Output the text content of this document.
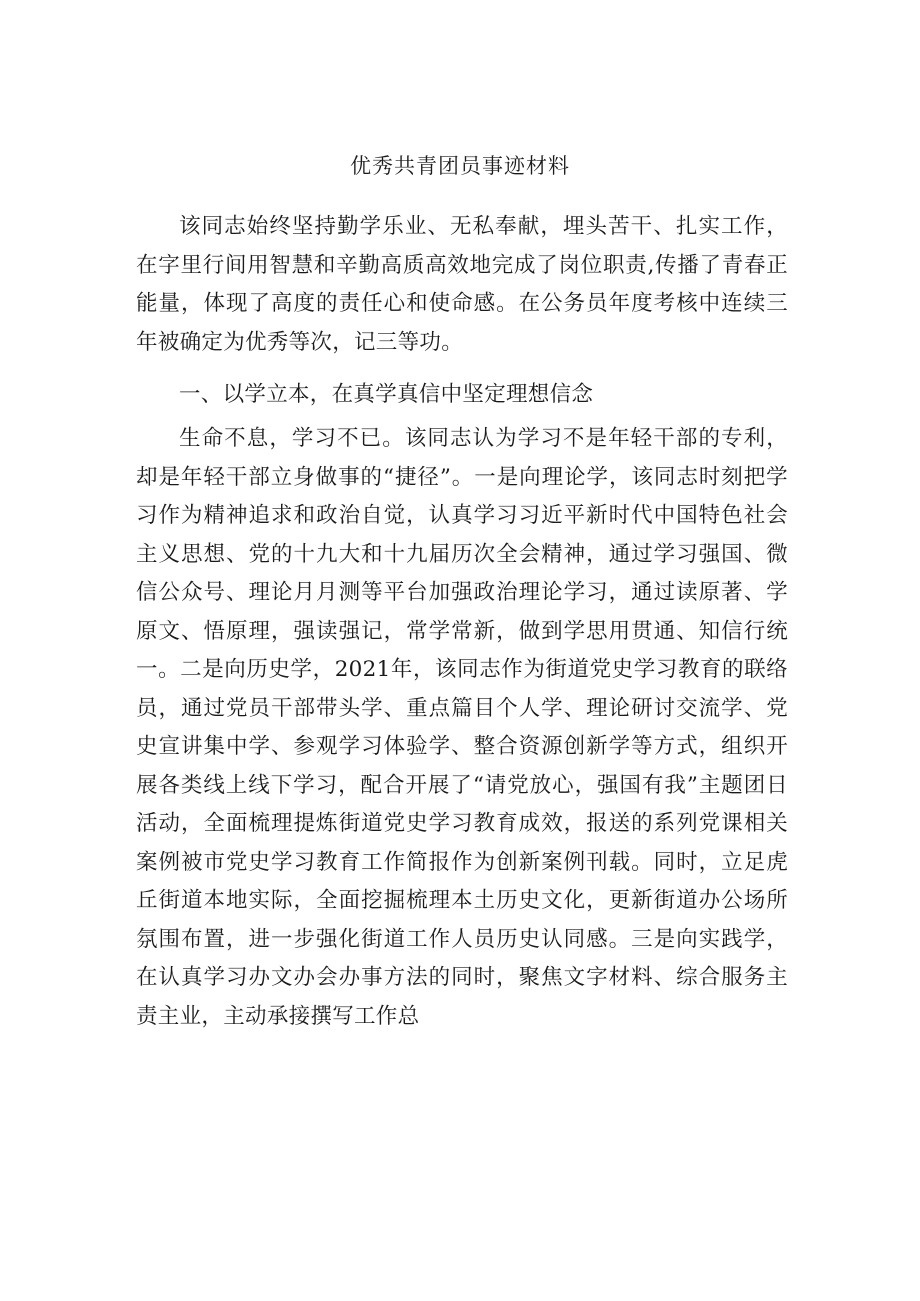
优秀共青团员事迹材料

该同志始终坚持勤学乐业、无私奉献，埋头苦干、扎实工作，在字里行间用智慧和辛勤高质高效地完成了岗位职责,传播了青春正能量，体现了高度的责任心和使命感。在公务员年度考核中连续三年被确定为优秀等次，记三等功。

一、以学立本，在真学真信中坚定理想信念

生命不息，学习不已。该同志认为学习不是年轻干部的专利，却是年轻干部立身做事的“捷径”。一是向理论学，该同志时刻把学习作为精神追求和政治自觉，认真学习习近平新时代中国特色社会主义思想、党的十九大和十九届历次全会精神，通过学习强国、微信公众号、理论月月测等平台加强政治理论学习，通过读原著、学原文、悟原理，强读强记，常学常新，做到学思用贯通、知信行统一。二是向历史学，2021年，该同志作为街道党史学习教育的联络员，通过党员干部带头学、重点篇目个人学、理论研讨交流学、党史宣讲集中学、参观学习体验学、整合资源创新学等方式，组织开展各类线上线下学习，配合开展了“请党放心，强国有我”主题团日活动，全面梳理提炼街道党史学习教育成效，报送的系列党课相关案例被市党史学习教育工作简报作为创新案例刊载。同时，立足虎丘街道本地实际，全面挖掘梳理本土历史文化，更新街道办公场所氛围布置，进一步强化街道工作人员历史认同感。三是向实践学，在认真学习办文办会办事方法的同时，聚焦文字材料、综合服务主责主业，主动承接撰写工作总
